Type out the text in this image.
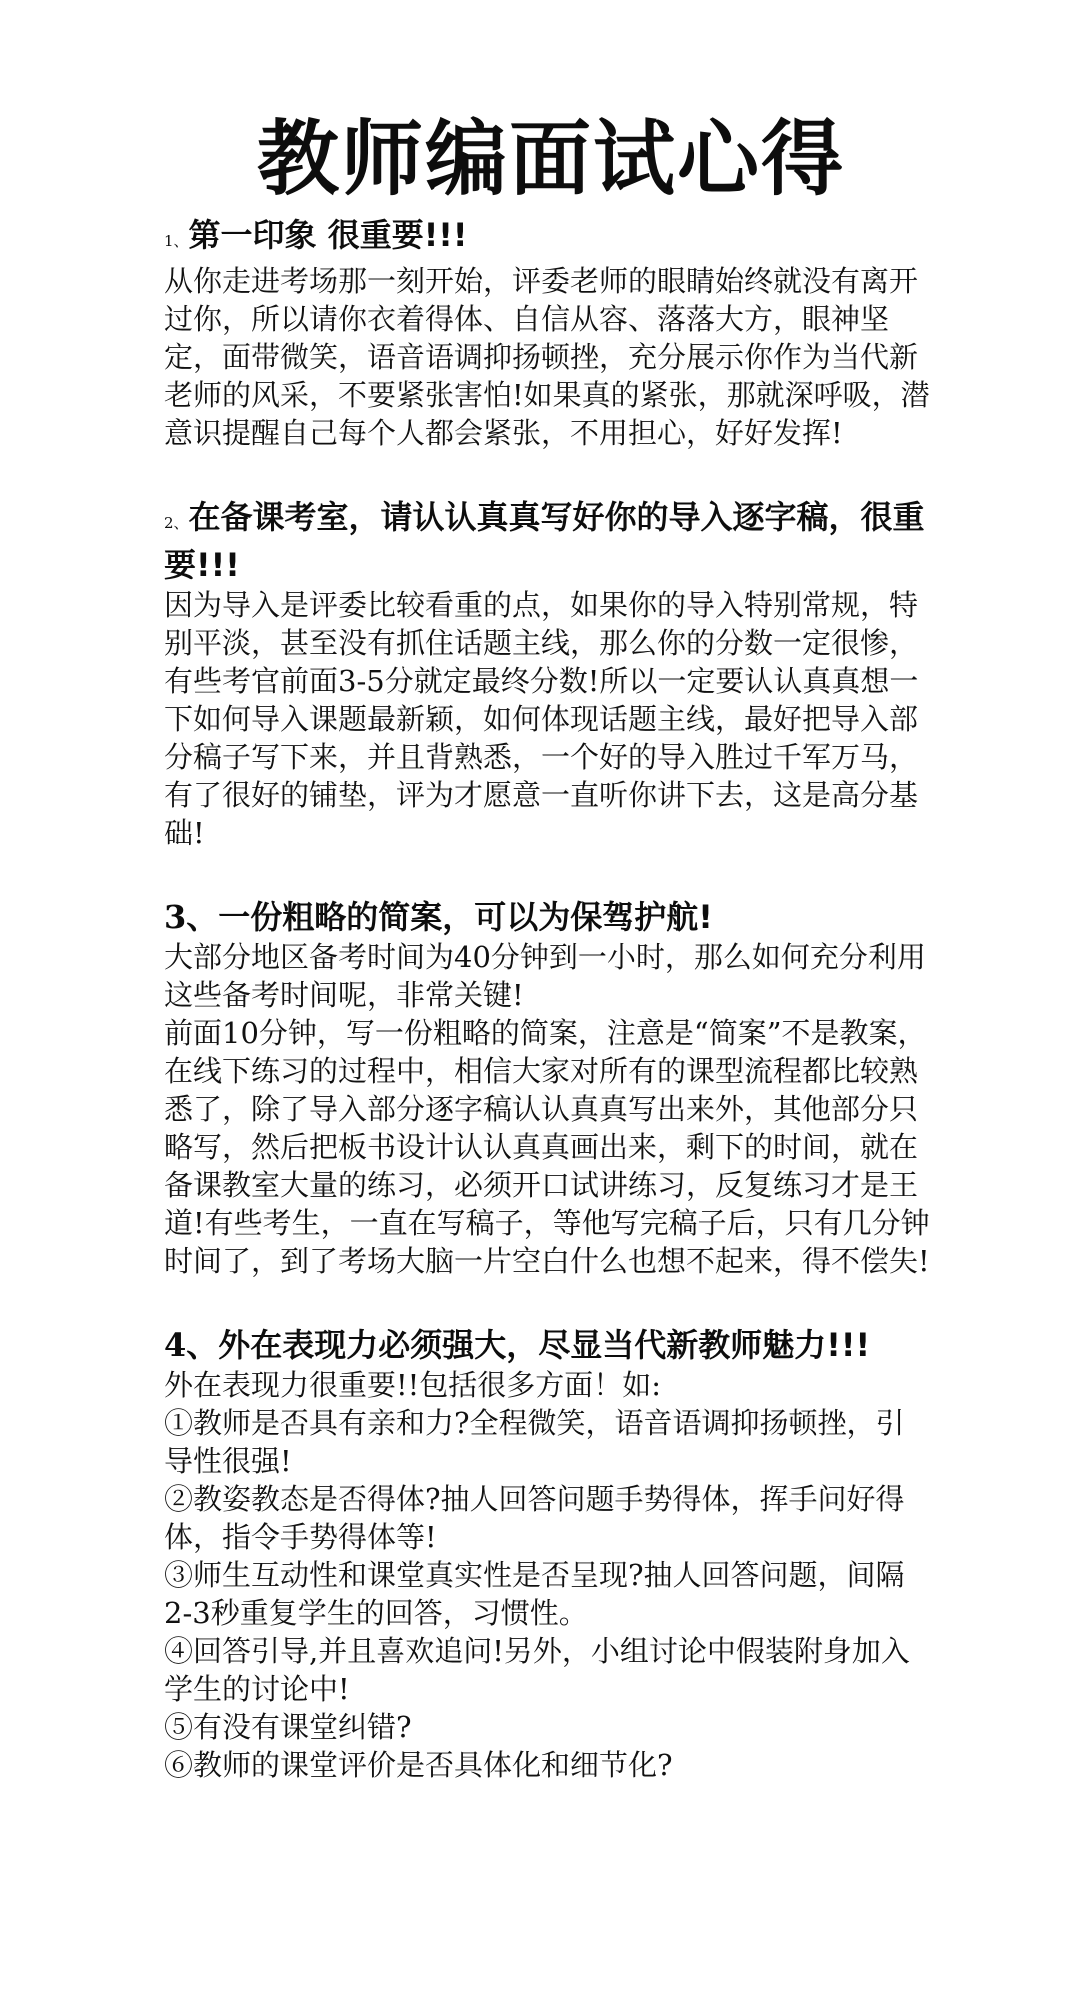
教师编面试心得
1、第一印象 很重要!!!

从你走进考场那一刻开始，评委老师的眼睛始终就没有离开过你，所以请你衣着得体、自信从容、落落大方，眼神坚定，面带微笑，语音语调抑扬顿挫，充分展示你作为当代新老师的风采，不要紧张害怕!如果真的紧张，那就深呼吸，潜意识提醒自己每个人都会紧张，不用担心，好好发挥!

2、在备课考室，请认认真真写好你的导入逐字稿，很重要!!!

因为导入是评委比较看重的点，如果你的导入特别常规，特别平淡，甚至没有抓住话题主线，那么你的分数一定很惨，有些考官前面3-5分就定最终分数!所以一定要认认真真想一下如何导入课题最新颖，如何体现话题主线，最好把导入部分稿子写下来，并且背熟悉，一个好的导入胜过千军万马，有了很好的铺垫，评为才愿意一直听你讲下去，这是高分基础!

3、一份粗略的简案，可以为保驾护航!

大部分地区备考时间为40分钟到一小时，那么如何充分利用这些备考时间呢，非常关键!

前面10分钟，写一份粗略的简案，注意是“简案”不是教案，在线下练习的过程中，相信大家对所有的课型流程都比较熟悉了，除了导入部分逐字稿认认真真写出来外，其他部分只略写，然后把板书设计认认真真画出来，剩下的时间，就在备课教室大量的练习，必须开口试讲练习，反复练习才是王道!有些考生，一直在写稿子，等他写完稿子后，只有几分钟时间了，到了考场大脑一片空白什么也想不起来，得不偿失!

4、外在表现力必须强大，尽显当代新教师魅力!!!

外在表现力很重要!!包括很多方面！如:

①教师是否具有亲和力?全程微笑，语音语调抑扬顿挫，引导性很强!

②教姿教态是否得体?抽人回答问题手势得体，挥手问好得体，指令手势得体等!

③师生互动性和课堂真实性是否呈现?抽人回答问题，间隔2-3秒重复学生的回答，习惯性。

④回答引导,并且喜欢追问!另外，小组讨论中假装附身加入学生的讨论中!

⑤有没有课堂纠错?

⑥教师的课堂评价是否具体化和细节化?
